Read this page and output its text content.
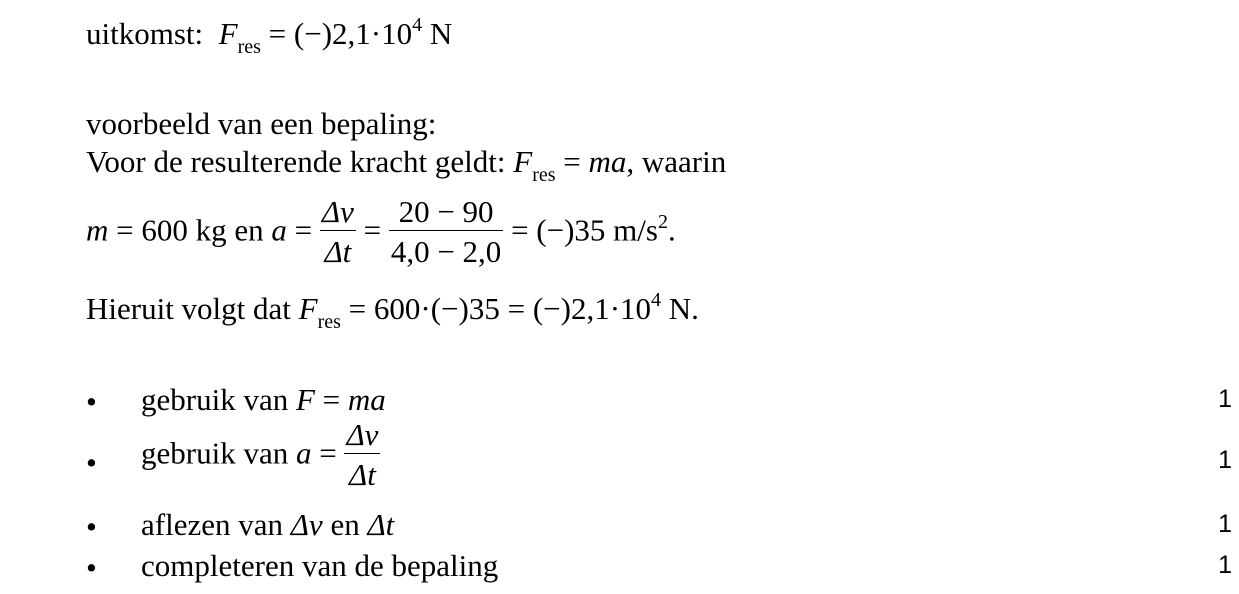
uitkomst: $F_{res} = (-)2,1\cdot 10^4$ N
voorbeeld van een bepaling:
Voor de resulterende kracht geldt: $F_{res}$ = ma, waarin
m = 600 kg en $a = \frac{\Delta v}{\Delta t} = \frac{20 - 90}{4,0 - 2,0} = (-)35$ $m/s^2$.
Hieruit volgt dat $F_{res} = 600\cdot(-)35 = (-)2,1\cdot 10^4$ N.
• gebruik van F = ma	1
• gebruik van $a = \frac{\Delta v}{\Delta t}$	1
• aflezen van Δv en Δt	1
• completeren van de bepaling	1
